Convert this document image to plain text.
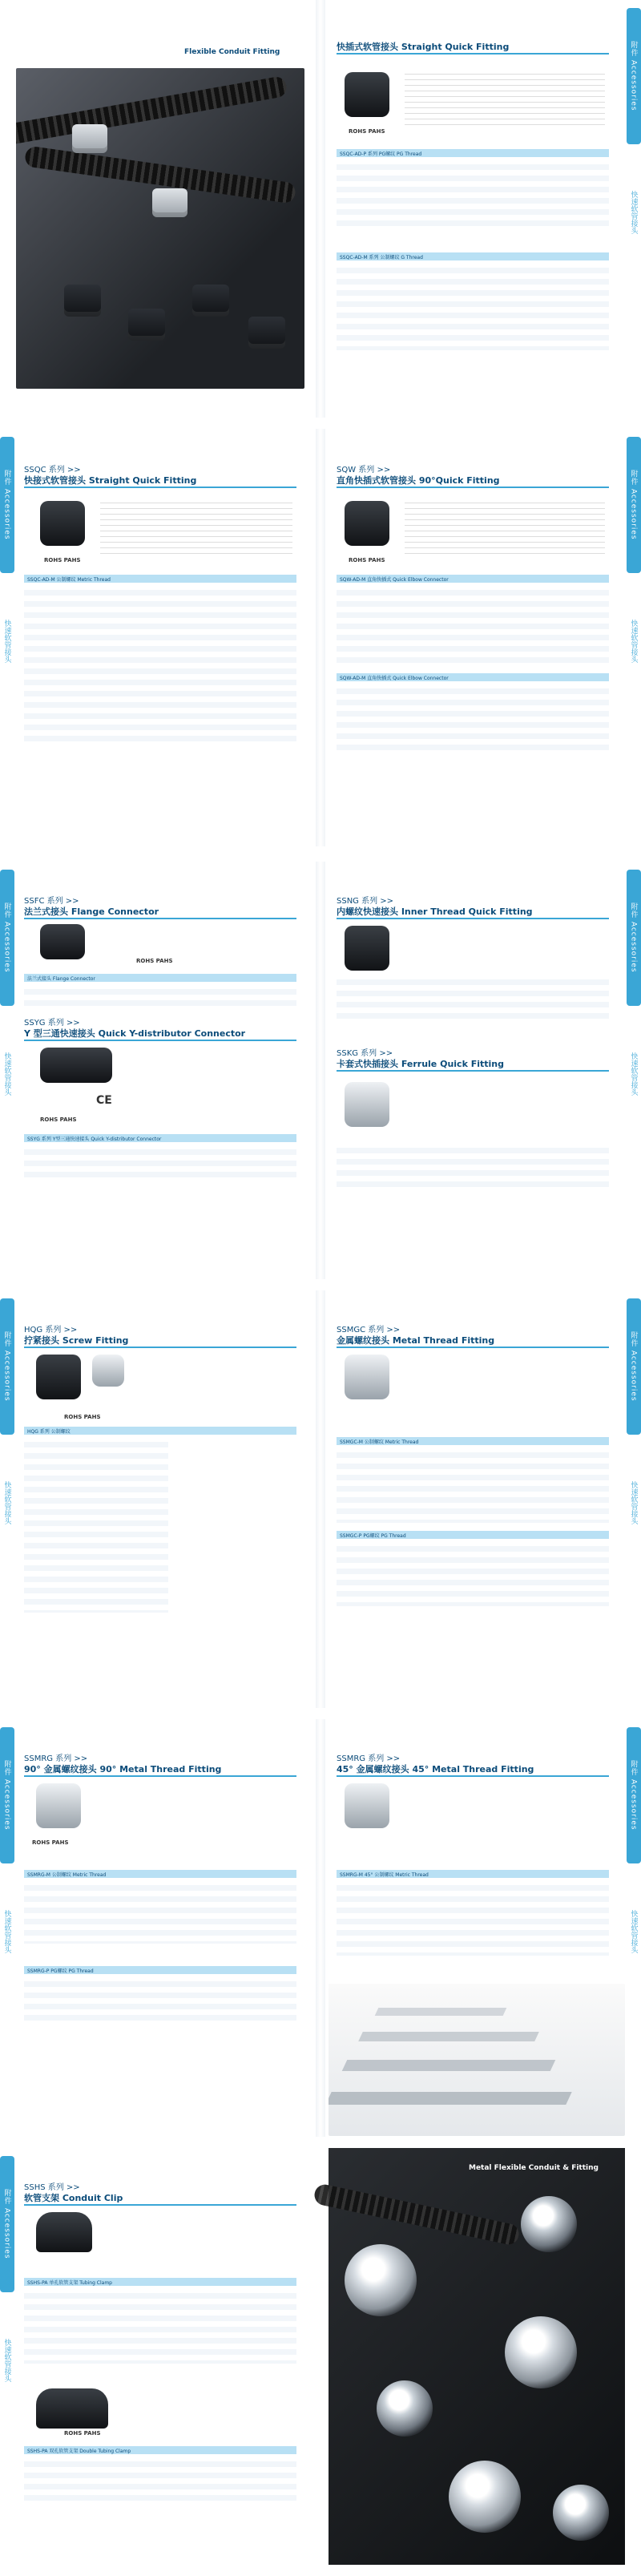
附件 Accessories
快速软管接头
Flexible Conduit Fitting	快插式软管接头 Straight Quick Fitting
ROHS PAHS
SSQC-AD-P 系列 PG螺纹 PG Thread
SSQC-AD-M 系列 公制螺纹 G Thread
附件 Accessories
快速软管接头
附件 Accessories
快速软管接头
SSQC 系列 >>
快接式软管接头 Straight Quick Fitting
ROHS PAHS
SSQC-AD-M 公制螺纹 Metric Thread
SQW 系列 >>
直角快插式软管接头 90°Quick Fitting
ROHS PAHS
SQW-AD-M 直角快插式 Quick Elbow Connector
SQW-AD-M 直角快插式 Quick Elbow Connector
附件 Accessories
快速软管接头
附件 Accessories
快速软管接头
SSFC 系列 >>
法兰式接头 Flange Connector
ROHS PAHS
法兰式接头 Flange Connector
SSYG 系列 >>
Y 型三通快速接头 Quick Y-distributor Connector
CE
ROHS PAHS
SSYG 系列 Y型三通快速接头 Quick Y-distributor Connector
SSNG 系列 >>
内螺纹快速接头 Inner Thread Quick Fitting
SSKG 系列 >>
卡套式快插接头 Ferrule Quick Fitting
附件 Accessories
快速软管接头
附件 Accessories
快速软管接头
HQG 系列 >>
拧紧接头 Screw Fitting
ROHS PAHS
HQG 系列 公制螺纹
SSMGC 系列 >>
金属螺纹接头 Metal Thread Fitting
SSMGC-M 公制螺纹 Metric Thread
SSMGC-P PG螺纹 PG Thread
附件 Accessories
快速软管接头
附件 Accessories
快速软管接头
SSMRG 系列 >>
90° 金属螺纹接头 90° Metal Thread Fitting
ROHS PAHS
SSMRG-M 公制螺纹 Metric Thread
SSMRG-P PG螺纹 PG Thread
SSMRG 系列 >>
45° 金属螺纹接头 45° Metal Thread Fitting
SSMRG-M 45° 公制螺纹 Metric Thread
附件 Accessories
快速软管接头
SSHS 系列 >>
软管支架 Conduit Clip
SSHS-PA 单孔软管支架 Tubing Clamp
ROHS PAHS
SSHS-PA 双孔软管支架 Double Tubing Clamp
Metal Flexible Conduit & Fitting
